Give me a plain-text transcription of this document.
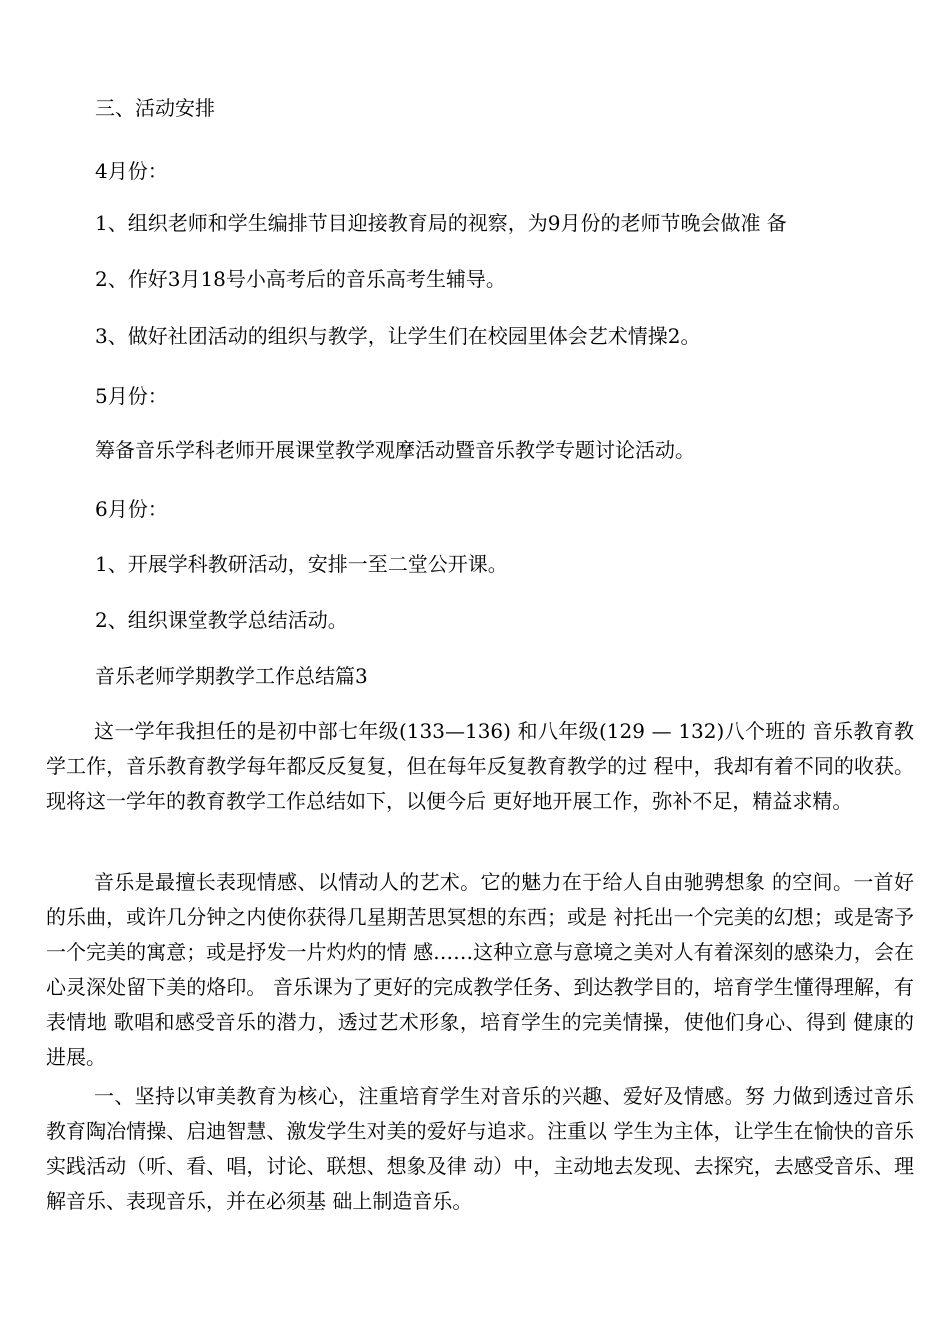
三、活动安排
4月份：
1、组织老师和学生编排节目迎接教育局的视察，为9月份的老师节晚会做准 备
2、作好3月18号小高考后的音乐高考生辅导。
3、做好社团活动的组织与教学，让学生们在校园里体会艺术情操2。
5月份：
筹备音乐学科老师开展课堂教学观摩活动暨音乐教学专题讨论活动。
6月份：
1、开展学科教研活动，安排一至二堂公开课。
2、组织课堂教学总结活动。
音乐老师学期教学工作总结篇3
这一学年我担任的是初中部七年级(133—136) 和八年级(129 — 132)八个班的 音乐教育教学工作，音乐教育教学每年都反反复复，但在每年反复教育教学的过 程中，我却有着不同的收获。现将这一学年的教育教学工作总结如下，以便今后 更好地开展工作，弥补不足，精益求精。
音乐是最擅长表现情感、以情动人的艺术。它的魅力在于给人自由驰骋想象 的空间。一首好的乐曲，或许几分钟之内使你获得几星期苦思冥想的东西；或是 衬托出一个完美的幻想；或是寄予一个完美的寓意；或是抒发一片灼灼的情 感……这种立意与意境之美对人有着深刻的感染力，会在心灵深处留下美的烙印。 音乐课为了更好的完成教学任务、到达教学目的，培育学生懂得理解，有表情地 歌唱和感受音乐的潜力，透过艺术形象，培育学生的完美情操，使他们身心、得到 健康的进展。
一、坚持以审美教育为核心，注重培育学生对音乐的兴趣、爱好及情感。努 力做到透过音乐教育陶冶情操、启迪智慧、激发学生对美的爱好与追求。注重以 学生为主体，让学生在愉快的音乐实践活动（听、看、唱，讨论、联想、想象及律 动）中，主动地去发现、去探究，去感受音乐、理解音乐、表现音乐，并在必须基 础上制造音乐。
